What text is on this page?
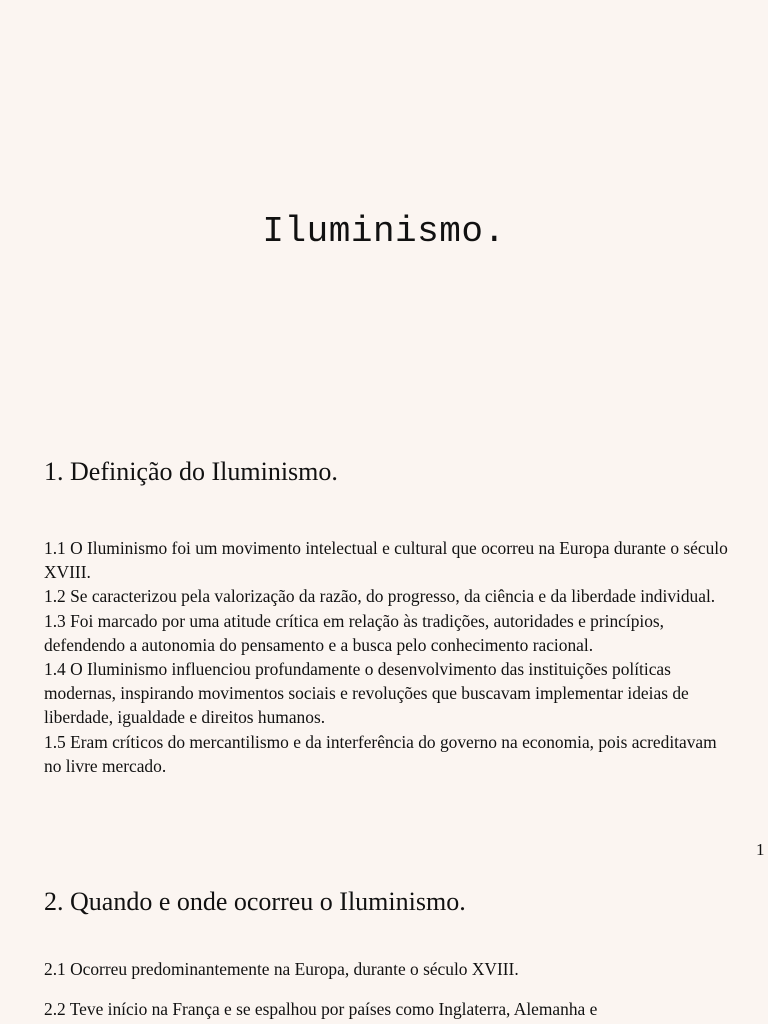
Iluminismo.
1. Definição do Iluminismo.

1.1 O Iluminismo foi um movimento intelectual e cultural que ocorreu na Europa durante o século XVIII.

1.2 Se caracterizou pela valorização da razão, do progresso, da ciência e da liberdade individual.

1.3 Foi marcado por uma atitude crítica em relação às tradições, autoridades e princípios, defendendo a autonomia do pensamento e a busca pelo conhecimento racional.

1.4 O Iluminismo influenciou profundamente o desenvolvimento das instituições políticas modernas, inspirando movimentos sociais e revoluções que buscavam implementar ideias de liberdade, igualdade e direitos humanos.

1.5 Eram críticos do mercantilismo e da interferência do governo na economia, pois acreditavam no livre mercado.

1
2. Quando e onde ocorreu o Iluminismo.

2.1 Ocorreu predominantemente na Europa, durante o século XVIII.

2.2 Teve início na França e se espalhou por países como Inglaterra, Alemanha e
